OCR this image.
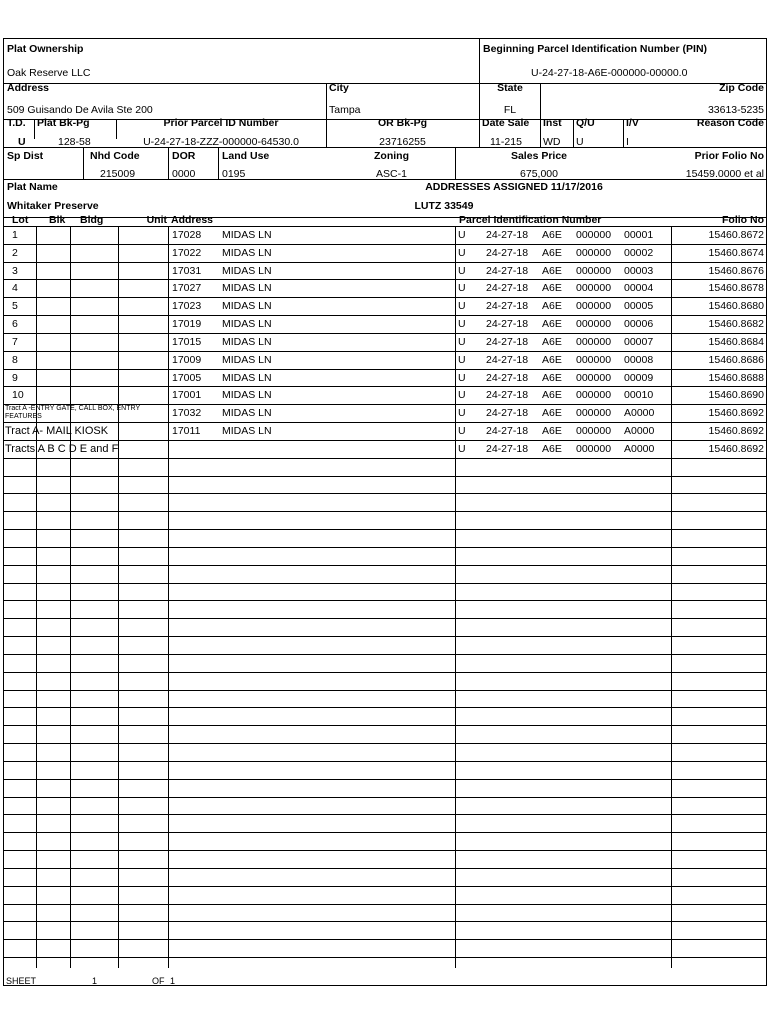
Plat Ownership
Oak Reserve LLC
Beginning Parcel Identification Number (PIN)
U-24-27-18-A6E-000000-00000.0
Address
509 Guisando De Avila Ste 200
City
Tampa
State
FL
Zip Code
33613-5235
T.D.
U
Plat Bk-Pg
128-58
Prior Parcel ID Number
U-24-27-18-ZZZ-000000-64530.0
OR Bk-Pg
23716255
Date Sale
11-215
Inst
WD
Q/U
U
I/V
I
Reason Code
Sp Dist	Nhd Code
215009
DOR
0000
Land Use
0195
Zoning
ASC-1
Sales Price
675,000
Prior Folio No
15459.0000 et al
Plat Name
Whitaker Preserve
ADDRESSES ASSIGNED 11/17/2016
LUTZ 33549
Lot Blk Bldg	Unit Address	Parcel Identification Number	Folio No
1	17028	MIDAS LN	U	24-27-18	A6E	000000	00001	15460.8672
2	17022	MIDAS LN	U	24-27-18	A6E	000000	00002	15460.8674
3	17031	MIDAS LN	U	24-27-18	A6E	000000	00003	15460.8676
4	17027	MIDAS LN	U	24-27-18	A6E	000000	00004	15460.8678
5	17023	MIDAS LN	U	24-27-18	A6E	000000	00005	15460.8680
6	17019	MIDAS LN	U	24-27-18	A6E	000000	00006	15460.8682
7	17015	MIDAS LN	U	24-27-18	A6E	000000	00007	15460.8684
8	17009	MIDAS LN	U	24-27-18	A6E	000000	00008	15460.8686
9	17005	MIDAS LN	U	24-27-18	A6E	000000	00009	15460.8688
10	17001	MIDAS LN	U	24-27-18	A6E	000000	00010	15460.8690
Tract A -ENTRY GATE, CALL BOX, ENTRY FEATURES	17032	MIDAS LN	U	24-27-18	A6E	000000	A0000	15460.8692
Tract A- MAIL KIOSK	17011	MIDAS LN	U	24-27-18	A6E	000000	A0000	15460.8692
Tracts A B C D E and F	U	24-27-18	A6E	000000	A0000	15460.8692
SHEET	1	OF 1
